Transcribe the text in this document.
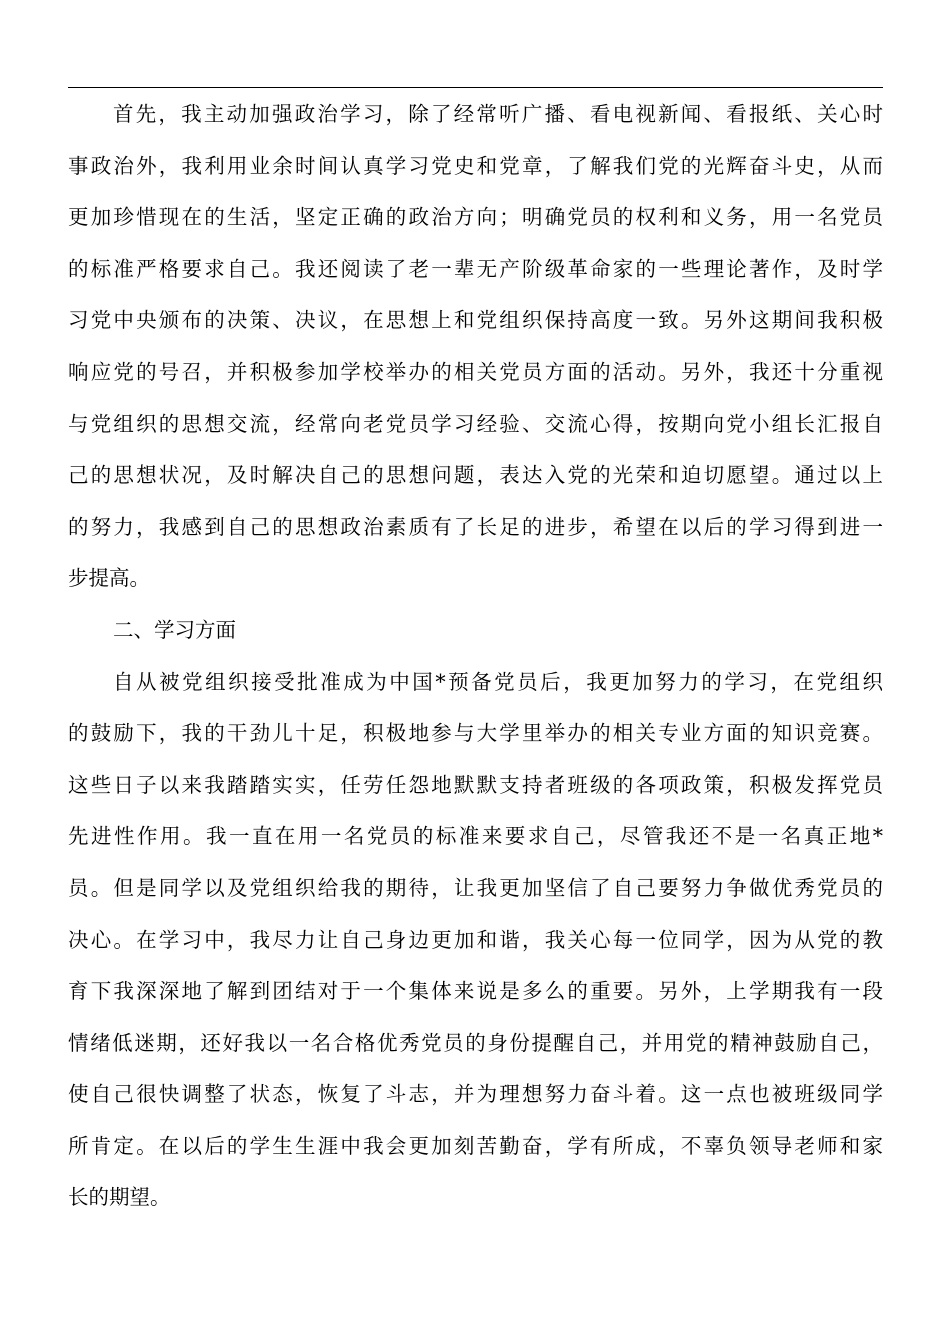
首先，我主动加强政治学习，除了经常听广播、看电视新闻、看报纸、关心时
事政治外，我利用业余时间认真学习党史和党章，了解我们党的光辉奋斗史，从而
更加珍惜现在的生活，坚定正确的政治方向；明确党员的权利和义务，用一名党员
的标准严格要求自己。我还阅读了老一辈无产阶级革命家的一些理论著作，及时学
习党中央颁布的决策、决议，在思想上和党组织保持高度一致。另外这期间我积极
响应党的号召，并积极参加学校举办的相关党员方面的活动。另外，我还十分重视
与党组织的思想交流，经常向老党员学习经验、交流心得，按期向党小组长汇报自
己的思想状况，及时解决自己的思想问题，表达入党的光荣和迫切愿望。通过以上
的努力，我感到自己的思想政治素质有了长足的进步，希望在以后的学习得到进一
步提高。
二、学习方面
自从被党组织接受批准成为中国*预备党员后，我更加努力的学习，在党组织
的鼓励下，我的干劲儿十足，积极地参与大学里举办的相关专业方面的知识竞赛。
这些日子以来我踏踏实实，任劳任怨地默默支持者班级的各项政策，积极发挥党员
先进性作用。我一直在用一名党员的标准来要求自己，尽管我还不是一名真正地*
员。但是同学以及党组织给我的期待，让我更加坚信了自己要努力争做优秀党员的
决心。在学习中，我尽力让自己身边更加和谐，我关心每一位同学，因为从党的教
育下我深深地了解到团结对于一个集体来说是多么的重要。另外，上学期我有一段
情绪低迷期，还好我以一名合格优秀党员的身份提醒自己，并用党的精神鼓励自己，
使自己很快调整了状态，恢复了斗志，并为理想努力奋斗着。这一点也被班级同学
所肯定。在以后的学生生涯中我会更加刻苦勤奋，学有所成，不辜负领导老师和家
长的期望。
